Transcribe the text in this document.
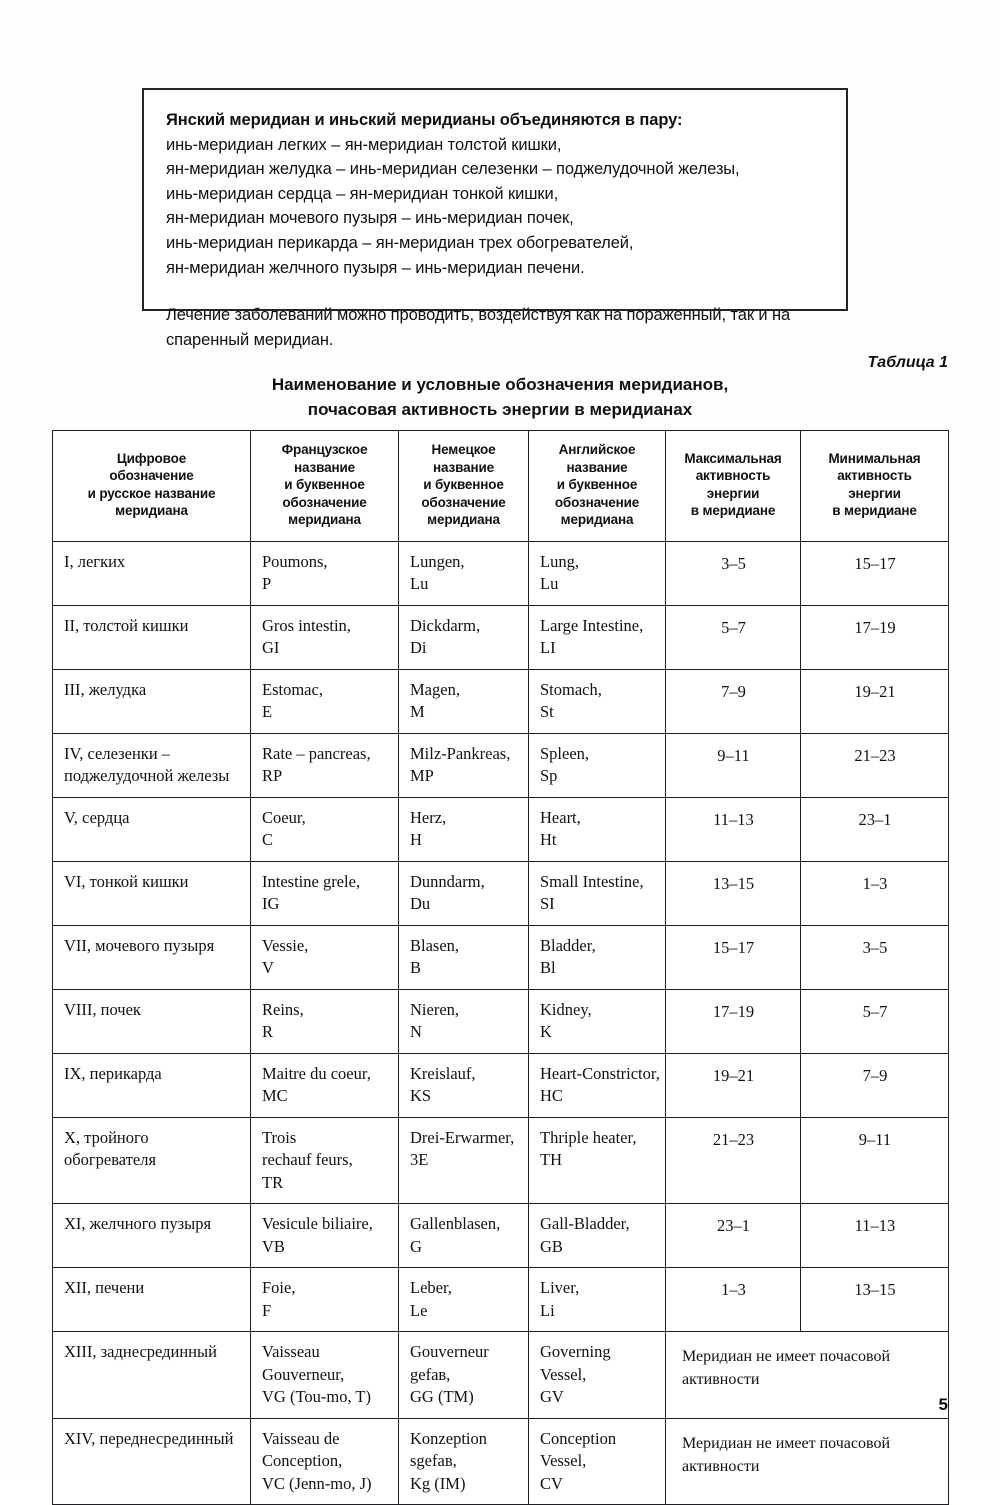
Янский меридиан и иньский меридианы объединяются в пару:

инь-меридиан легких – ян-меридиан толстой кишки,

ян-меридиан желудка – инь-меридиан селезенки – поджелудочной железы,

инь-меридиан сердца – ян-меридиан тонкой кишки,

ян-меридиан мочевого пузыря – инь-меридиан почек,

инь-меридиан перикарда – ян-меридиан трех обогревателей,

ян-меридиан желчного пузыря – инь-меридиан печени.

Лечение заболеваний можно проводить, воздействуя как на пораженный, так и на спаренный меридиан.

Таблица 1
Наименование и условные обозначения меридианов,
почасовая активность энергии в меридианах
Цифровое
обозначение
и русское название
меридиана	Французское
название
и буквенное
обозначение
меридиана	Немецкое
название
и буквенное
обозначение
меридиана	Английское
название
и буквенное
обозначение
меридиана	Максимальная
активность
энергии
в меридиане	Минимальная
активность
энергии
в меридиане

I, легких	Poumons,
P	Lungen,
Lu	Lung,
Lu	3–5	15–17

II, толстой кишки	Gros intestin,
GI	Dickdarm,
Di	Large Intestine,
LI	5–7	17–19

III, желудка	Estomac,
E	Magen,
M	Stomach,
St	7–9	19–21

IV, селезенки –
поджелудочной железы	Rate – pancreas,
RP	Milz-Pankreas,
MP	Spleen,
Sp	9–11	21–23

V, сердца	Coeur,
C	Herz,
H	Heart,
Ht	11–13	23–1

VI, тонкой кишки	Intestine grele,
IG	Dunndarm,
Du	Small Intestine,
SI	13–15	1–3

VII, мочевого пузыря	Vessie,
V	Blasen,
B	Bladder,
Bl	15–17	3–5

VIII, почек	Reins,
R	Nieren,
N	Kidney,
K	17–19	5–7

IX, перикарда	Maitre du coeur,
MC	Kreislauf,
KS	Heart-Constrictor,
HC	19–21	7–9

X, тройного
обогревателя	Trois
rechauf feurs,
TR	Drei-Erwarmer,
3E	Thriple heater,
TH	21–23	9–11

XI, желчного пузыря	Vesicule biliaire,
VB	Gallenblasen,
G	Gall-Bladder,
GB	23–1	11–13

XII, печени	Foie,
F	Leber,
Le	Liver,
Li	1–3	13–15

XIII, заднесрединный	Vaisseau
Gouverneur,
VG (Tou-mo, T)	Gouverneur
gefaв,
GG (TM)	Governing
Vessel,
GV	Меридиан не имеет почасовой активности	

XIV, переднесрединный	Vaisseau de
Conception,
VC (Jenn-mo, J)	Konzeption
sgefaв,
Kg (IM)	Conception
Vessel,
CV	Меридиан не имеет почасовой активности	
5
